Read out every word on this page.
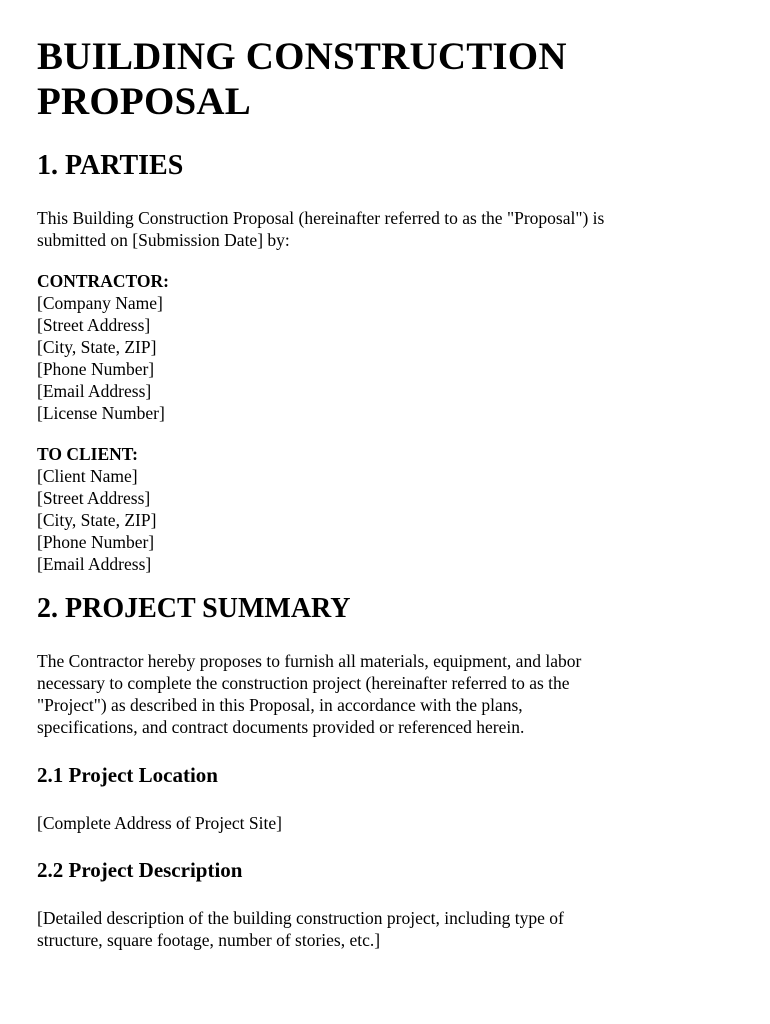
BUILDING CONSTRUCTION
PROPOSAL
1. PARTIES

This Building Construction Proposal (hereinafter referred to as the "Proposal") is
submitted on [Submission Date] by:

CONTRACTOR:
[Company Name]
[Street Address]
[City, State, ZIP]
[Phone Number]
[Email Address]
[License Number]
TO CLIENT:
[Client Name]
[Street Address]
[City, State, ZIP]
[Phone Number]
[Email Address]
2. PROJECT SUMMARY

The Contractor hereby proposes to furnish all materials, equipment, and labor
necessary to complete the construction project (hereinafter referred to as the
"Project") as described in this Proposal, in accordance with the plans,
specifications, and contract documents provided or referenced herein.

2.1 Project Location

[Complete Address of Project Site]

2.2 Project Description

[Detailed description of the building construction project, including type of
structure, square footage, number of stories, etc.]
